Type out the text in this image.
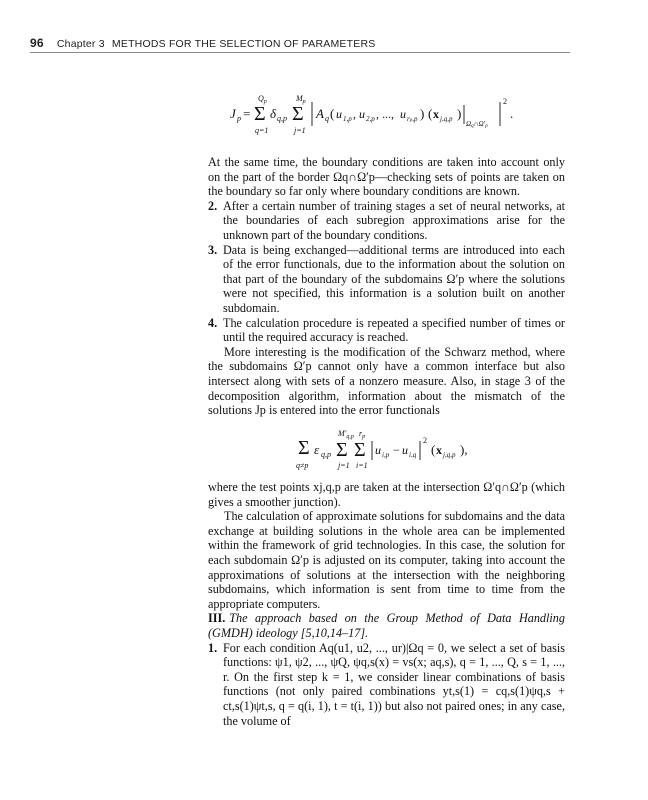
96 Chapter 3 METHODS FOR THE SELECTION OF PARAMETERS
J p = Σ
$Q_p$
q=1
δ q,p Σ
$M_p$
j=1
A q ( u 1,p , u 2,p , ..., u rp,p ) ( x j,q,p )
Ωq∩Ω′p
2
.

At the same time, the boundary conditions are taken into account only on the part of the border Ωq∩Ω′p—checking sets of points are taken on the boundary so far only where boundary conditions are known.

2. After a certain number of training stages a set of neural networks, at the boundaries of each subregion approximations arise for the unknown part of the boundary conditions.

3. Data is being exchanged—additional terms are introduced into each of the error functionals, due to the information about the solution on that part of the boundary of the subdomains Ω′p where the solutions were not specified, this information is a solution built on another subdomain.

4. The calculation procedure is repeated a specified number of times or until the required accuracy is reached.

More interesting is the modification of the Schwarz method, where the subdomains Ω′p cannot only have a common interface but also intersect along with sets of a nonzero measure. Also, in stage 3 of the decomposition algorithm, information about the mismatch of the solutions Jp is entered into the error functionals

Σ
q≠p
ε q,p Σ
$M'_{q,p}$
j=1
Σ
$r_p$
i=1
u i,p − u i,q
2
( x j,q,p ),

where the test points xj,q,p are taken at the intersection Ω′q∩Ω′p (which gives a smoother junction).

The calculation of approximate solutions for subdomains and the data exchange at building solutions in the whole area can be implemented within the framework of grid technologies. In this case, the solution for each subdomain Ω′p is adjusted on its computer, taking into account the approximations of solutions at the intersection with the neighboring subdomains, which information is sent from time to time from the appropriate computers.

III. The approach based on the Group Method of Data Handling (GMDH) ideology [5,10,14–17].

1. For each condition Aq(u1, u2, ..., ur)|Ωq = 0, we select a set of basis functions: ψ1, ψ2, ..., ψQ, ψq,s(x) = vs(x; aq,s), q = 1, ..., Q, s = 1, ..., r. On the first step k = 1, we consider linear combinations of basis functions (not only paired combinations yt,s(1) = cq,s(1)ψq,s + ct,s(1)ψt,s, q = q(i, 1), t = t(i, 1)) but also not paired ones; in any case, the volume of
